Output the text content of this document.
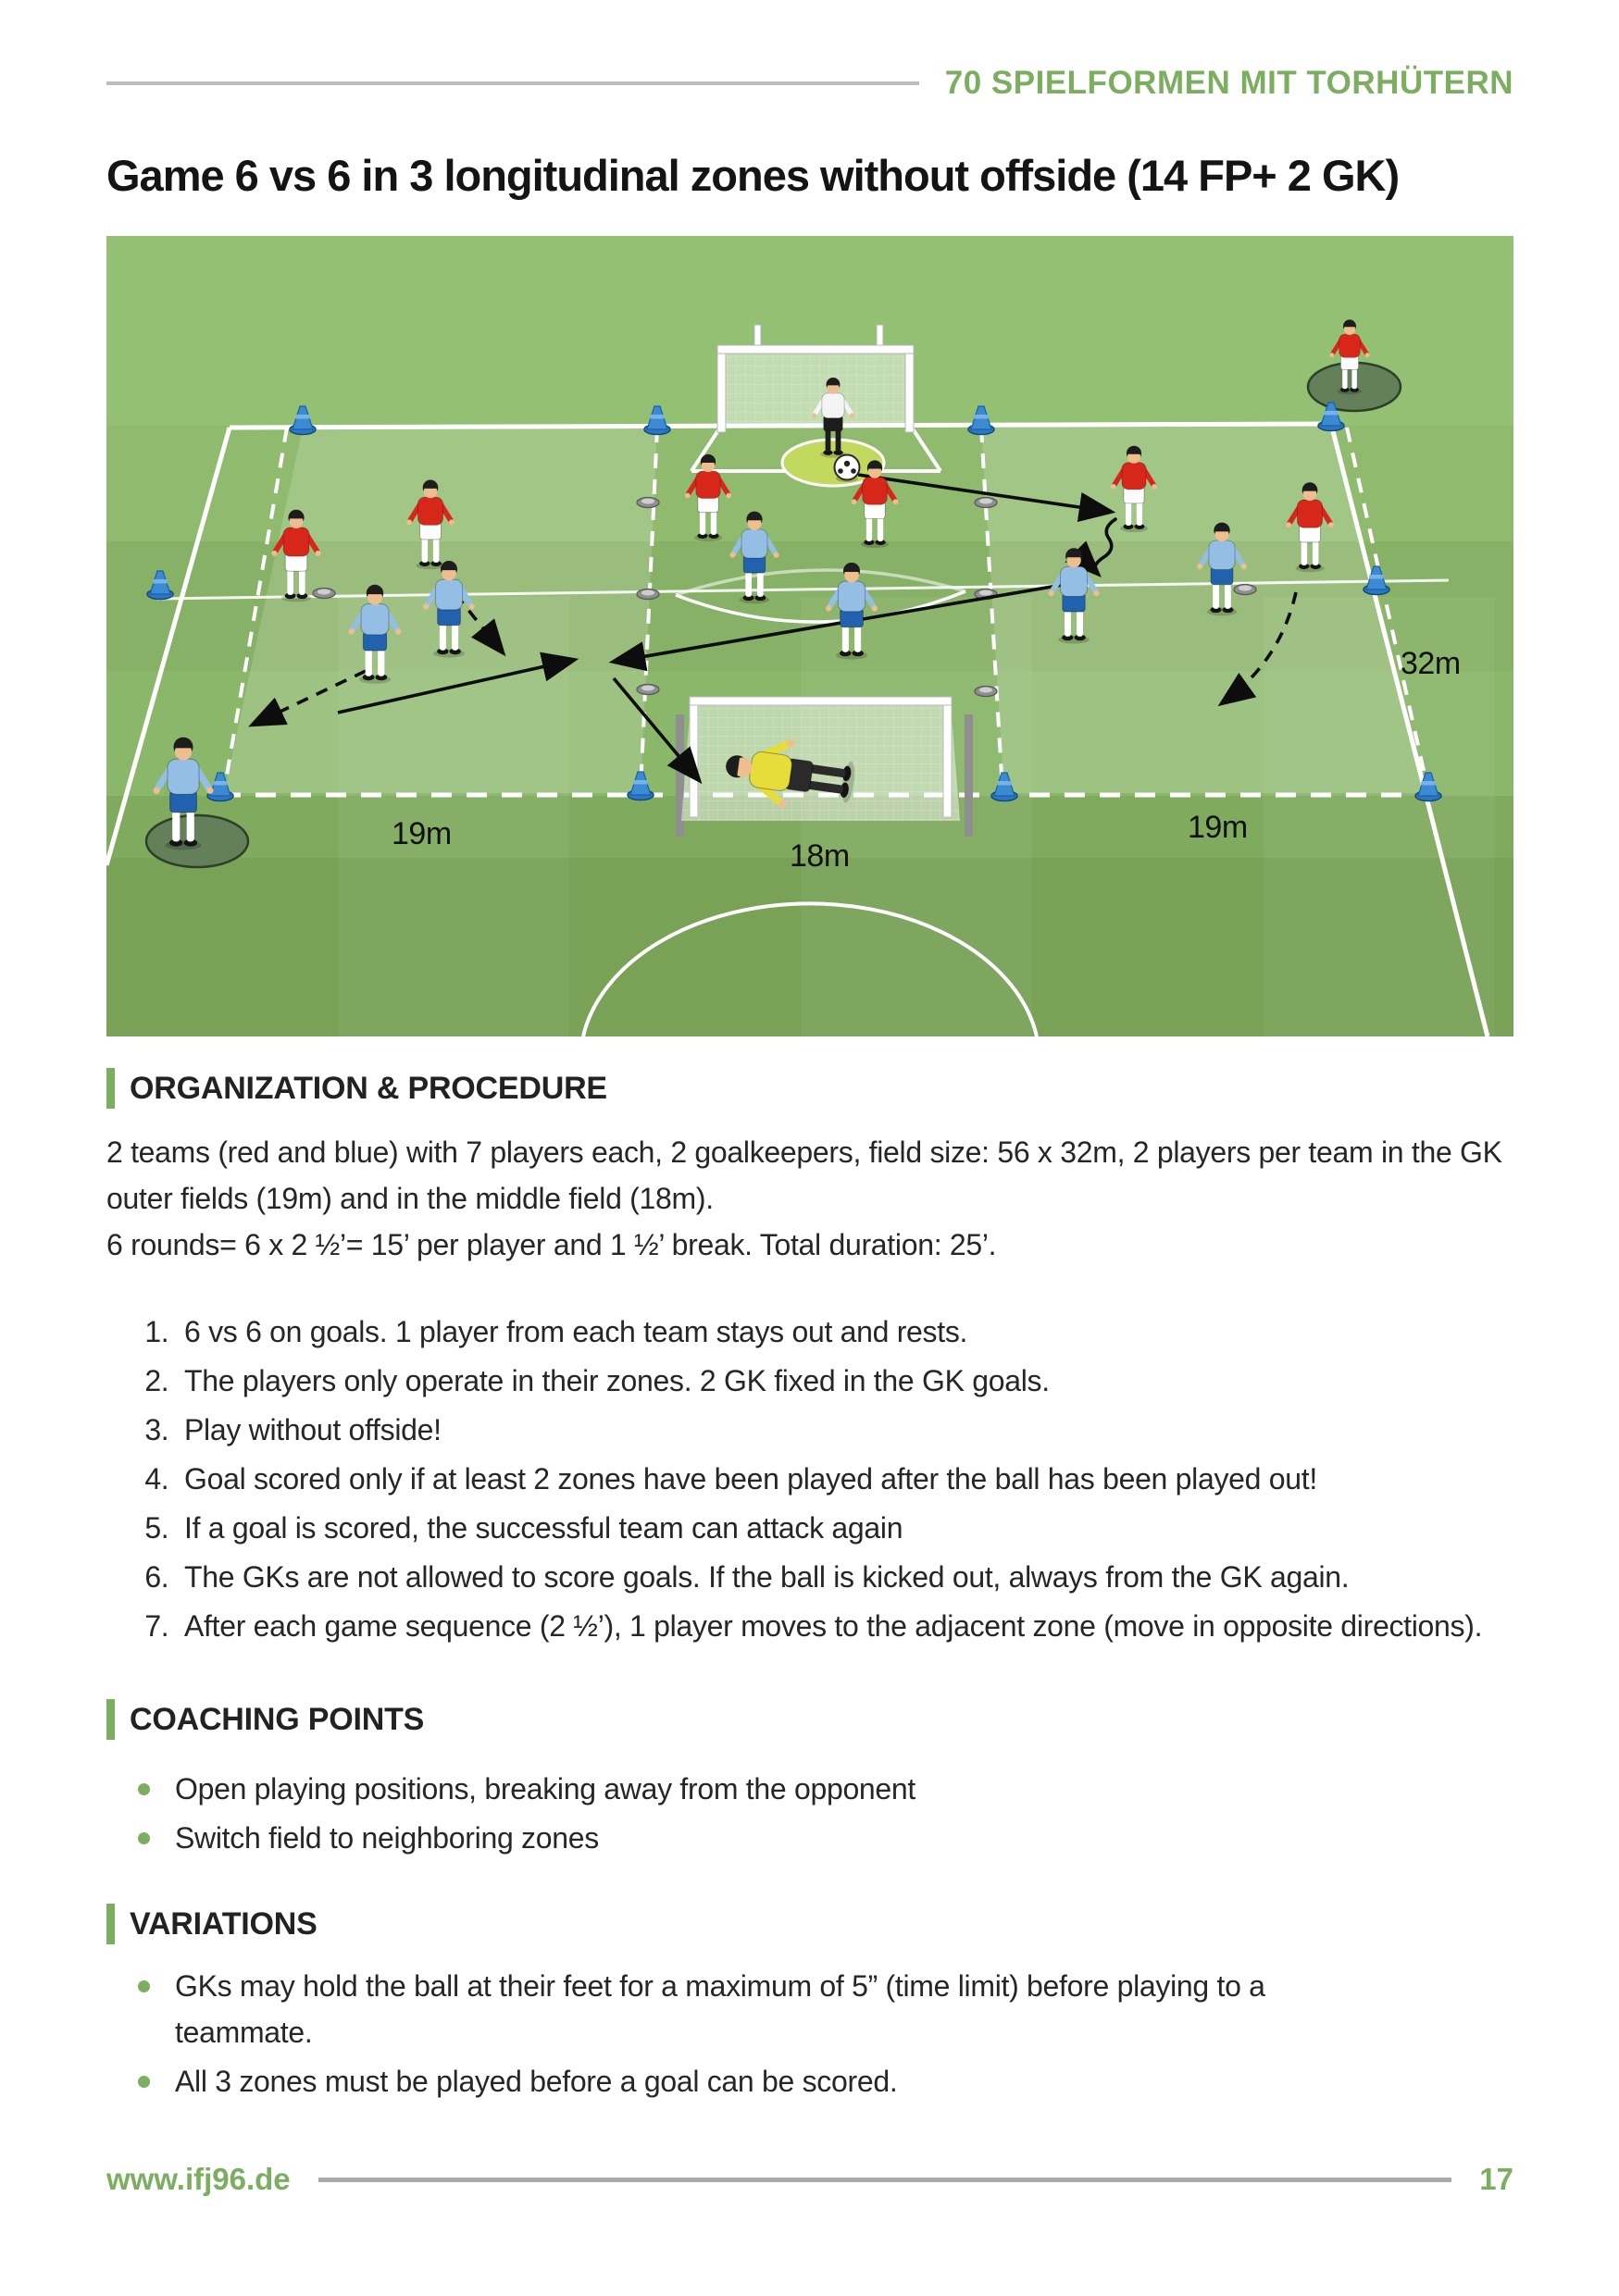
70 SPIELFORMEN MIT TORHÜTERN
Game 6 vs 6 in 3 longitudinal zones without offside (14 FP+ 2 GK)
32m
19m
18m
19m
ORGANIZATION & PROCEDURE

2 teams (red and blue) with 7 players each, 2 goalkeepers, field size: 56 x 32m, 2 players per team in the GK outer fields (19m) and in the middle field (18m).

6 rounds= 6 x 2 ½’= 15’ per player and 1 ½’ break. Total duration: 25’.

1. 6 vs 6 on goals. 1 player from each team stays out and rests.
2. The players only operate in their zones. 2 GK fixed in the GK goals.
3. Play without offside!
4. Goal scored only if at least 2 zones have been played after the ball has been played out!
5. If a goal is scored, the successful team can attack again
6. The GKs are not allowed to score goals. If the ball is kicked out, always from the GK again.
7. After each game sequence (2 ½’), 1 player moves to the adjacent zone (move in opposite directions).
COACHING POINTS
Open playing positions, breaking away from the opponent
Switch field to neighboring zones
VARIATIONS
GKs may hold the ball at their feet for a maximum of 5” (time limit) before playing to a teammate.
All 3 zones must be played before a goal can be scored.
www.ifj96.de	17
